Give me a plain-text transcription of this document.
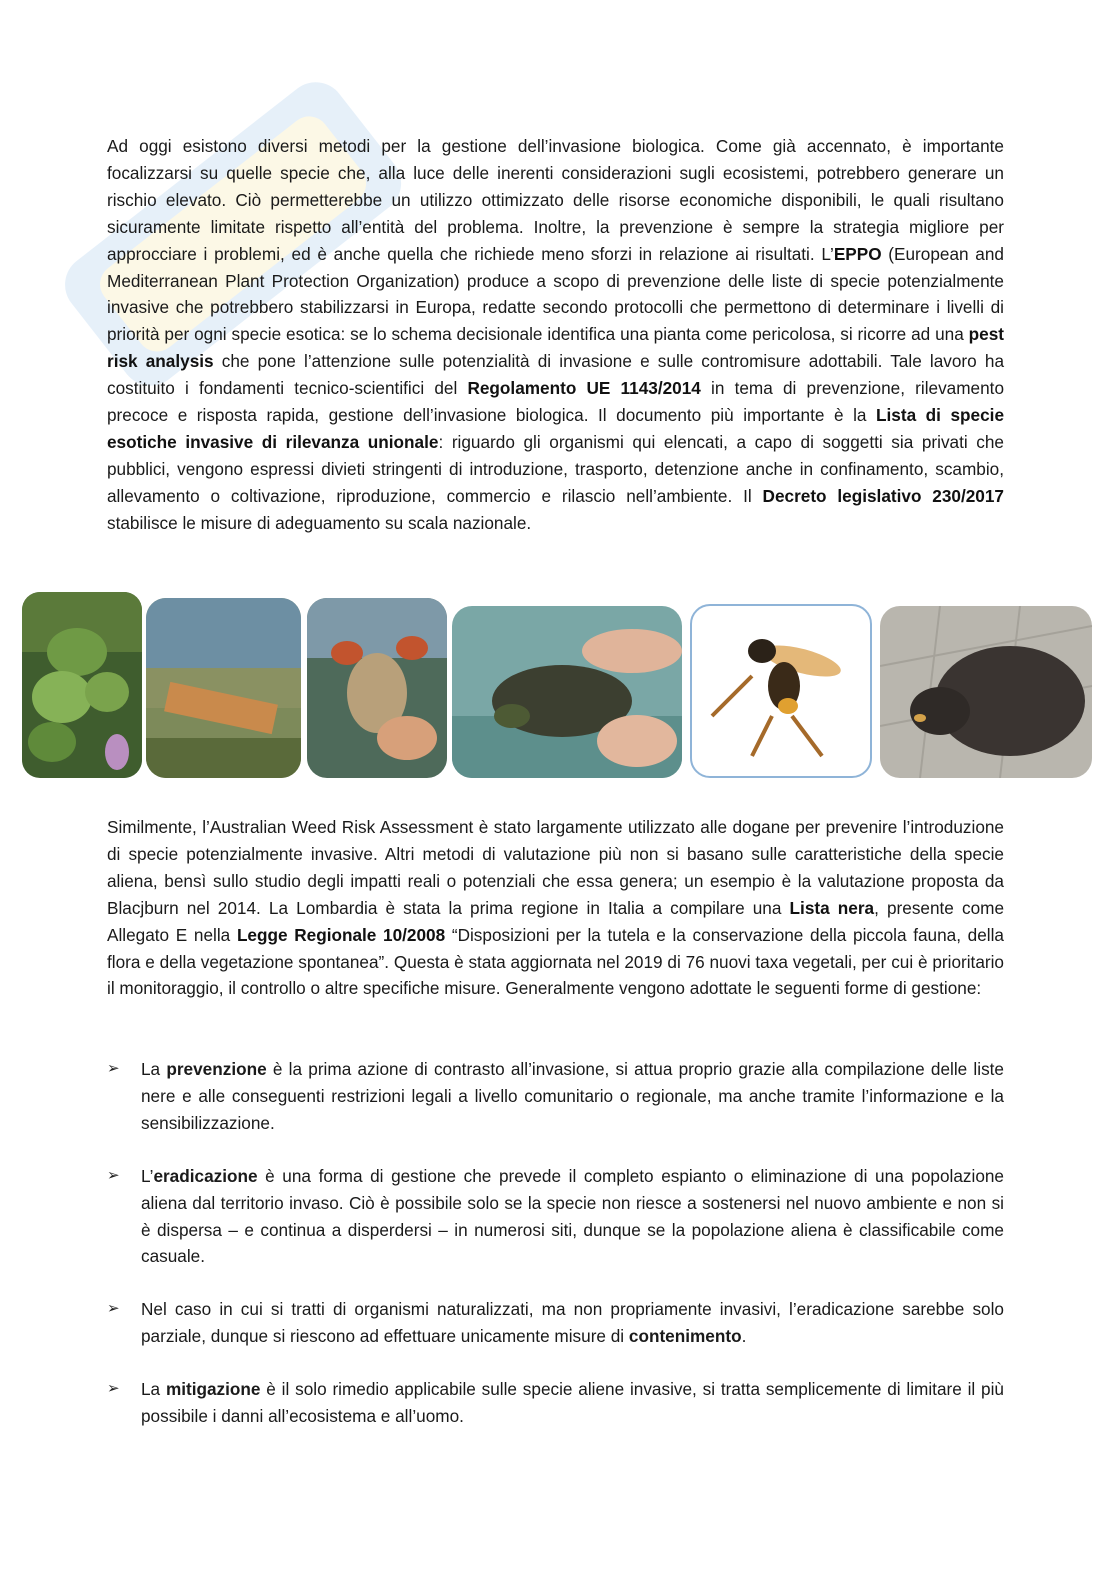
Ad oggi esistono diversi metodi per la gestione dell’invasione biologica. Come già accennato, è importante focalizzarsi su quelle specie che, alla luce delle inerenti considerazioni sugli ecosistemi, potrebbero generare un rischio elevato. Ciò permetterebbe un utilizzo ottimizzato delle risorse economiche disponibili, le quali risultano sicuramente limitate rispetto all’entità del problema. Inoltre, la prevenzione è sempre la strategia migliore per approcciare i problemi, ed è anche quella che richiede meno sforzi in relazione ai risultati. L’EPPO (European and Mediterranean Plant Protection Organization) produce a scopo di prevenzione delle liste di specie potenzialmente invasive che potrebbero stabilizzarsi in Europa, redatte secondo protocolli che permettono di determinare i livelli di priorità per ogni specie esotica: se lo schema decisionale identifica una pianta come pericolosa, si ricorre ad una pest risk analysis che pone l’attenzione sulle potenzialità di invasione e sulle contromisure adottabili. Tale lavoro ha costituito i fondamenti tecnico-scientifici del Regolamento UE 1143/2014 in tema di prevenzione, rilevamento precoce e risposta rapida, gestione dell’invasione biologica. Il documento più importante è la Lista di specie esotiche invasive di rilevanza unionale: riguardo gli organismi qui elencati, a capo di soggetti sia privati che pubblici, vengono espressi divieti stringenti di introduzione, trasporto, detenzione anche in confinamento, scambio, allevamento o coltivazione, riproduzione, commercio e rilascio nell’ambiente. Il Decreto legislativo 230/2017 stabilisce le misure di adeguamento su scala nazionale.

Similmente, l’Australian Weed Risk Assessment è stato largamente utilizzato alle dogane per prevenire l’introduzione di specie potenzialmente invasive. Altri metodi di valutazione più non si basano sulle caratteristiche della specie aliena, bensì sullo studio degli impatti reali o potenziali che essa genera; un esempio è la valutazione proposta da Blacjburn nel 2014. La Lombardia è stata la prima regione in Italia a compilare una Lista nera, presente come Allegato E nella Legge Regionale 10/2008 “Disposizioni per la tutela e la conservazione della piccola fauna, della flora e della vegetazione spontanea”. Questa è stata aggiornata nel 2019 di 76 nuovi taxa vegetali, per cui è prioritario il monitoraggio, il controllo o altre specifiche misure. Generalmente vengono adottate le seguenti forme di gestione:

➢ La prevenzione è la prima azione di contrasto all’invasione, si attua proprio grazie alla compilazione delle liste nere e alle conseguenti restrizioni legali a livello comunitario o regionale, ma anche tramite l’informazione e la sensibilizzazione.
➢ L’eradicazione è una forma di gestione che prevede il completo espianto o eliminazione di una popolazione aliena dal territorio invaso. Ciò è possibile solo se la specie non riesce a sostenersi nel nuovo ambiente e non si è dispersa – e continua a disperdersi – in numerosi siti, dunque se la popolazione aliena è classificabile come casuale.
➢ Nel caso in cui si tratti di organismi naturalizzati, ma non propriamente invasivi, l’eradicazione sarebbe solo parziale, dunque si riescono ad effettuare unicamente misure di contenimento.
➢ La mitigazione è il solo rimedio applicabile sulle specie aliene invasive, si tratta semplicemente di limitare il più possibile i danni all’ecosistema e all’uomo.
